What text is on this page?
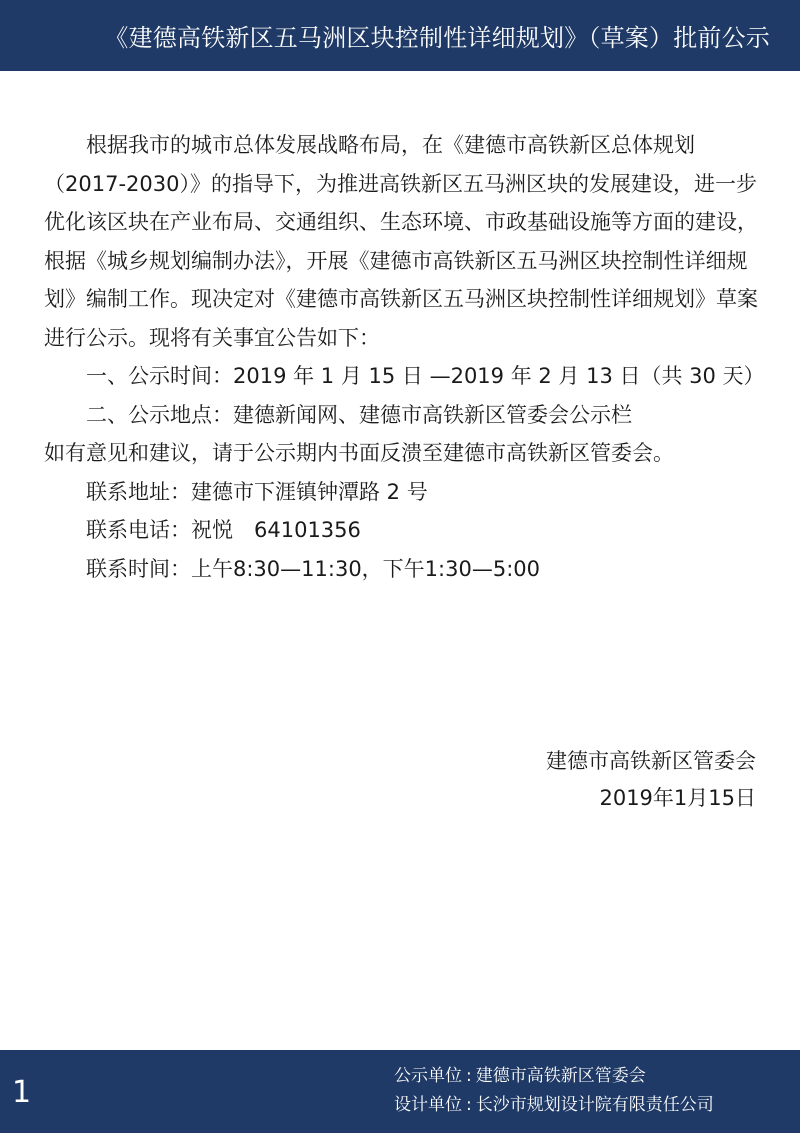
《建德高铁新区五马洲区块控制性详细规划》（草案）批前公示

根据我市的城市总体发展战略布局，在《建德市高铁新区总体规划（2017-2030）》的指导下，为推进高铁新区五马洲区块的发展建设，进一步优化该区块在产业布局、交通组织、生态环境、市政基础设施等方面的建设，根据《城乡规划编制办法》，开展《建德市高铁新区五马洲区块控制性详细规划》编制工作。现决定对《建德市高铁新区五马洲区块控制性详细规划》草案进行公示。现将有关事宜公告如下：

一、公示时间：2019 年 1 月 15 日 —2019 年 2 月 13 日（共 30 天）

二、公示地点：建德新闻网、建德市高铁新区管委会公示栏

如有意见和建议，请于公示期内书面反溃至建德市高铁新区管委会。

联系地址：建德市下涯镇钟潭路 2 号

联系电话：祝悦　64101356

联系时间：上午8:30—11:30，下午1:30—5:00

建德市高铁新区管委会
2019年1月15日
1	公示单位 : 建德市高铁新区管委会
设计单位 : 长沙市规划设计院有限责任公司
